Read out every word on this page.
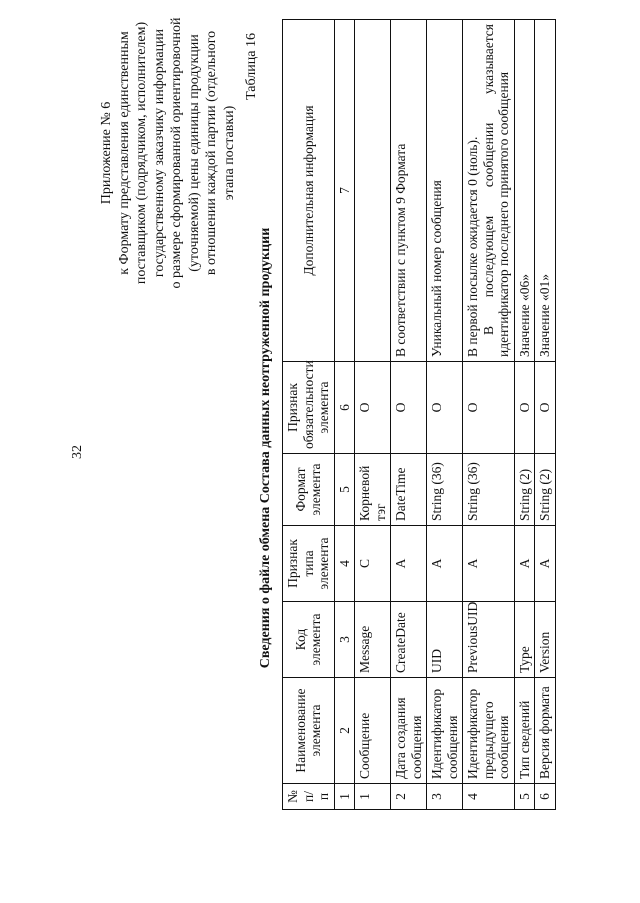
32
Приложение № 6 к Формату представления единственным поставщиком (подрядчиком, исполнителем) государственному заказчику информации о размере сформированной ориентировочной (уточняемой) цены единицы продукции в отношении каждой партии (отдельного этапа поставки)
Таблица 16
Сведения о файле обмена Состава данных неотгруженной продукции
№ п/п	Наименование элемента	Код элемента	Признак типа элемента	Формат элемента	Признак обязательности элемента	Дополнительная информация
1	2	3	4	5	6	7
1	Сообщение	Message	С	Корневой тэг	О	

2	Дата создания сообщения	CreateDate	А	DateTime	О	В соответствии с пунктом 9 Формата

3	Идентификатор сообщения	UID	А	String (36)	О	Уникальный номер сообщения

4	Идентификатор предыдущего сообщения	PreviousUID	А	String (36)	О	В первой посылке ожидается 0 (ноль). В последующем сообщении указывается идентификатор последнего принятого сообщения

5	Тип сведений	Type	А	String (2)	О	Значение «06»

6	Версия формата	Version	А	String (2)	О	Значение «01»
